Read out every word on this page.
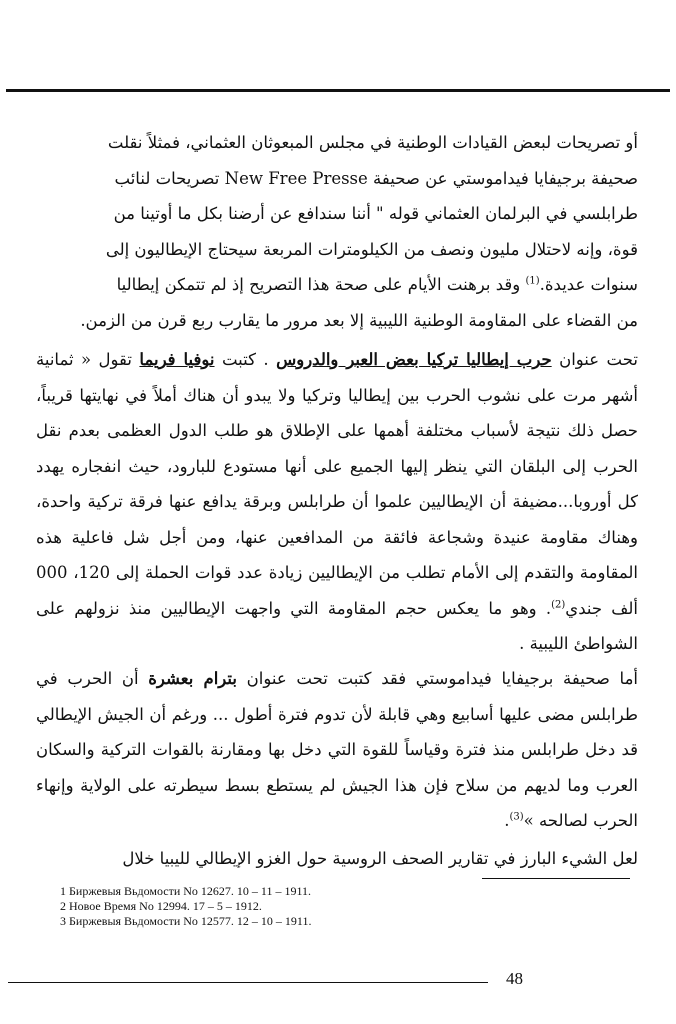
أو تصريحات لبعض القيادات الوطنية في مجلس المبعوثان العثماني، فمثلاً نقلت

صحيفة برجيفايا فيداموستي عن صحيفة New Free Presse تصريحات لنائب

طرابلسي في البرلمان العثماني قوله " أننا سندافع عن أرضنا بكل ما أوتينا من

قوة، وإنه لاحتلال مليون ونصف من الكيلومترات المربعة سيحتاج الإيطاليون إلى

سنوات عديدة.$^{(1)}$ وقد برهنت الأيام على صحة هذا التصريح إذ لم تتمكن إيطاليا

من القضاء على المقاومة الوطنية الليبية إلا بعد مرور ما يقارب ربع قرن من الزمن.

تحت عنوان حرب إيطاليا تركيا بعض العبر والدروس . كتبت نوفيا فريما تقول « ثمانية أشهر مرت على نشوب الحرب بين إيطاليا وتركيا ولا يبدو أن هناك أملاً في نهايتها قريباً، حصل ذلك نتيجة لأسباب مختلفة أهمها على الإطلاق هو طلب الدول العظمى بعدم نقل الحرب إلى البلقان التي ينظر إليها الجميع على أنها مستودع للبارود، حيث انفجاره يهدد كل أوروبا...مضيفة أن الإيطاليين علموا أن طرابلس وبرقة يدافع عنها فرقة تركية واحدة، وهناك مقاومة عنيدة وشجاعة فائقة من المدافعين عنها، ومن أجل شل فاعلية هذه المقاومة والتقدم إلى الأمام تطلب من الإيطاليين زيادة عدد قوات الحملة إلى 120، 000 ألف جندي$^{(2)}$. وهو ما يعكس حجم المقاومة التي واجهت الإيطاليين منذ نزولهم على الشواطئ الليبية .

أما صحيفة برجيفايا فيداموستي فقد كتبت تحت عنوان بترام بعشرة أن الحرب في طرابلس مضى عليها أسابيع وهي قابلة لأن تدوم فترة أطول ... ورغم أن الجيش الإيطالي قد دخل طرابلس منذ فترة وقياساً للقوة التي دخل بها ومقارنة بالقوات التركية والسكان العرب وما لديهم من سلاح فإن هذا الجيش لم يستطع بسط سيطرته على الولاية وإنهاء الحرب لصالحه »$^{(3)}$.

لعل الشيء البارز في تقارير الصحف الروسية حول الغزو الإيطالي لليبيا خلال

1 Биржевыя Вьдомости No 12627. 10 – 11 – 1911.
2 Новое Время No 12994. 17 – 5 – 1912.
3 Биржевыя Вьдомости No 12577. 12 – 10 – 1911.
48
